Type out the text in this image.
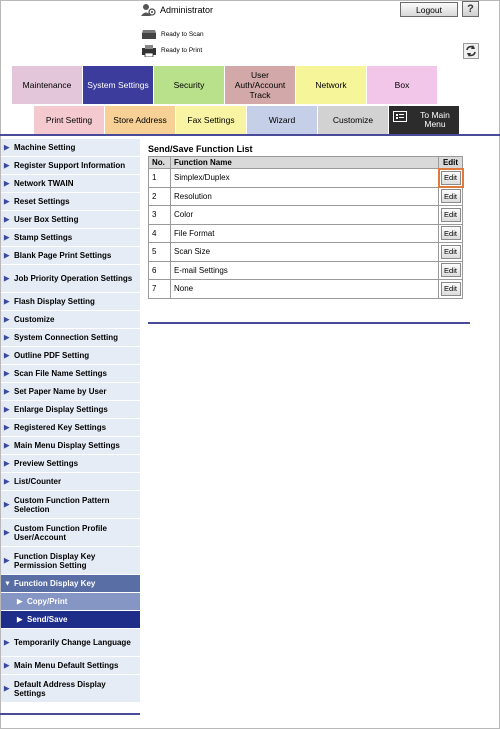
Administrator	Logout	?
Ready to Scan
Ready to Print
Maintenance	System Settings	Security
User Auth/Account Track
Network	Box
Print Setting	Store Address	Fax Settings	Wizard	Customize	To Main Menu
▶ Machine Setting
▶ Register Support Information
▶ Network TWAIN
▶ Reset Settings
▶ User Box Setting
▶ Stamp Settings
▶ Blank Page Print Settings
▶ Job Priority Operation Settings
▶ Flash Display Setting
▶ Customize
▶ System Connection Setting
▶ Outline PDF Setting
▶ Scan File Name Settings
▶ Set Paper Name by User
▶ Enlarge Display Settings
▶ Registered Key Settings
▶ Main Menu Display Settings
▶ Preview Settings
▶ List/Counter
▶ Custom Function Pattern Selection
▶ Custom Function Profile User/Account
▶ Function Display Key Permission Setting
▼ Function Display Key
▶ Copy/Print
▶ Send/Save
▶ Temporarily Change Language
▶ Main Menu Default Settings
▶ Default Address Display Settings
Send/Save Function List
No.	Function Name	Edit
1	Simplex/Duplex	Edit
2	Resolution	Edit
3	Color	Edit
4	File Format	Edit
5	Scan Size	Edit
6	E-mail Settings	Edit
7	None	Edit
